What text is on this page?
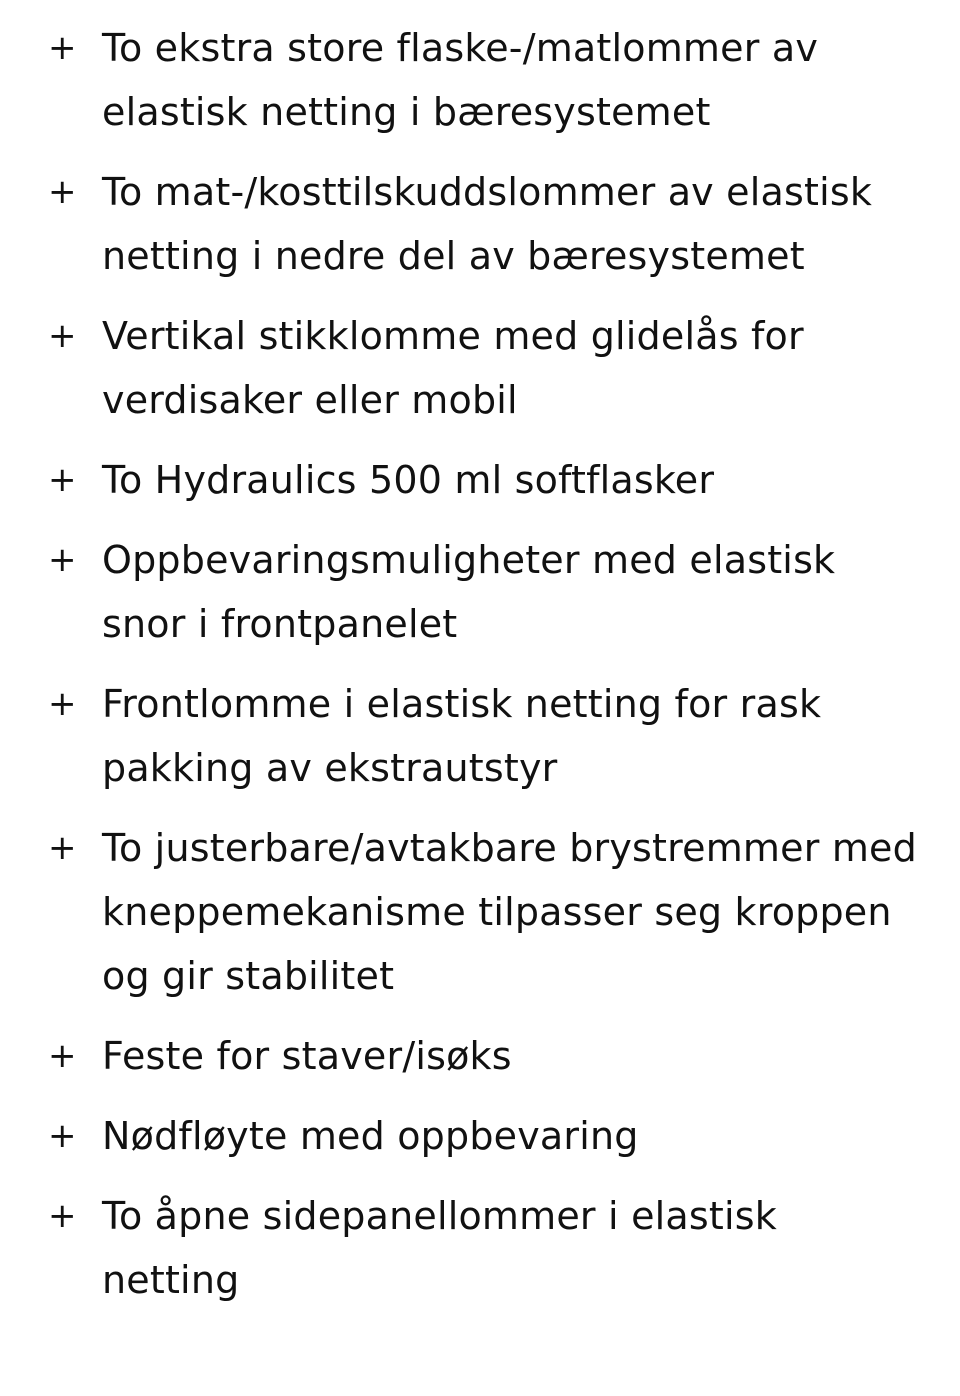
+ To ekstra store flaske-/matlommer av elastisk netting i bæresystemet
+ To mat-/kosttilskuddslommer av elastisk netting i nedre del av bæresystemet
+ Vertikal stikklomme med glidelås for verdisaker eller mobil
+ To Hydraulics 500 ml softflasker
+ Oppbevaringsmuligheter med elastisk snor i frontpanelet
+ Frontlomme i elastisk netting for rask pakking av ekstrautstyr
+ To justerbare/avtakbare brystremmer med kneppemekanisme tilpasser seg kroppen og gir stabilitet
+ Feste for staver/isøks
+ Nødfløyte med oppbevaring
+ To åpne sidepanellommer i elastisk netting
